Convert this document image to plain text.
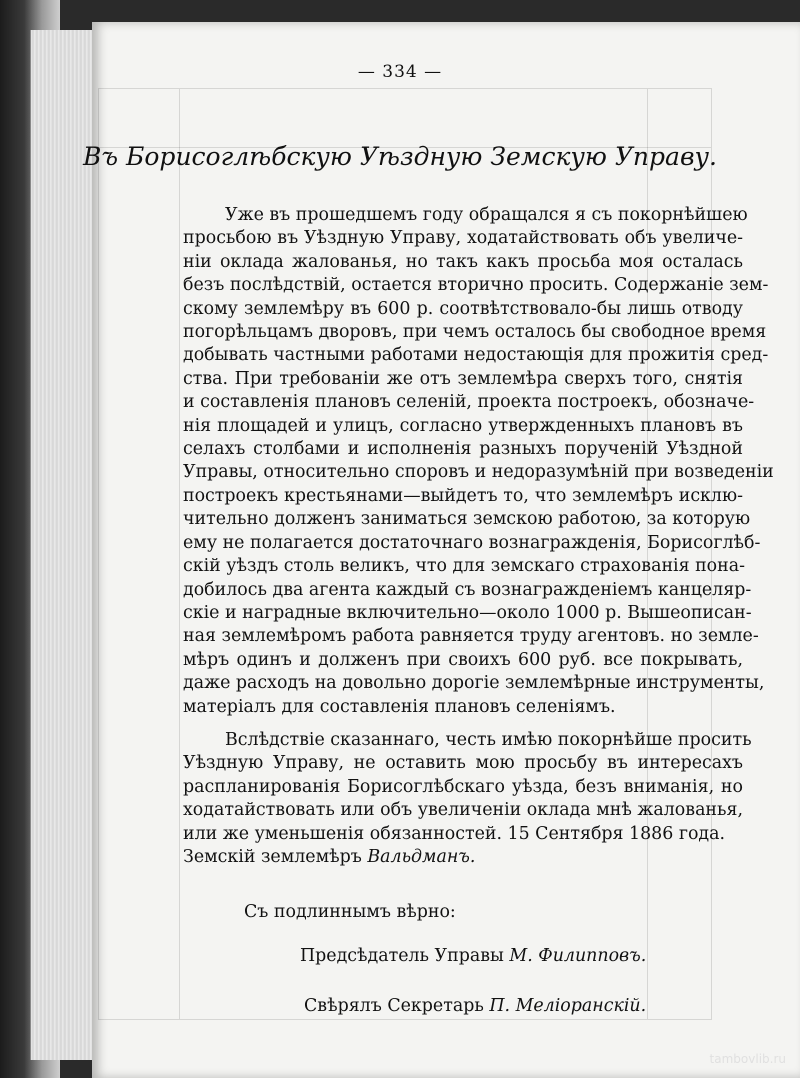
— 334 —
Въ Борисоглѣбскую Уѣздную Земскую Управу.
Уже въ прошедшемъ году обращался я съ покорнѣйшею
просьбою въ Уѣздную Управу, ходатайствовать объ увеличе-
нiи оклада жалованья, но такъ какъ просьба моя осталась
безъ послѣдствiй, остается вторично просить. Содержанiе зем-
скому землемѣру въ 600 р. соотвѣтствовало-бы лишь отводу
погорѣльцамъ дворовъ, при чемъ осталось бы свободное время
добывать частными работами недостающiя для прожитiя сред-
ства. При требованiи же отъ землемѣра сверхъ того, снятiя
и составленiя плановъ селенiй, проекта построекъ, обозначе-
нiя площадей и улицъ, согласно утвержденныхъ плановъ въ
селахъ столбами и исполненiя разныхъ порученiй Уѣздной
Управы, относительно споровъ и недоразумѣнiй при возведенiи
построекъ крестьянами—выйдетъ то, что землемѣръ исклю-
чительно долженъ заниматься земскою работою, за которую
ему не полагается достаточнаго вознагражденiя, Борисоглѣб-
скiй уѣздъ столь великъ, что для земскаго страхованiя пона-
добилось два агента каждый съ вознагражденiемъ канцеляр-
скiе и наградные включительно—около 1000 р. Вышеописан-
ная землемѣромъ работа равняется труду агентовъ. но земле-
мѣръ одинъ и долженъ при своихъ 600 руб. все покрывать,
даже расходъ на довольно дорогiе землемѣрные инструменты,
матерiалъ для составленiя плановъ селенiямъ.
Вслѣдствiе сказаннаго, честь имѣю покорнѣйше просить
Уѣздную Управу, не оставить мою просьбу въ интересахъ
распланированiя Борисоглѣбскаго уѣзда, безъ вниманiя, но
ходатайствовать или объ увеличенiи оклада мнѣ жалованья,
или же уменьшенiя обязанностей. 15 Сентября 1886 года.
Земскiй землемѣръ Вальдманъ.
Съ подлиннымъ вѣрно:
Предсѣдатель Управы М. Филипповъ.
Свѣрялъ Секретарь П. Мелiоранскiй.
tambovlib.ru
